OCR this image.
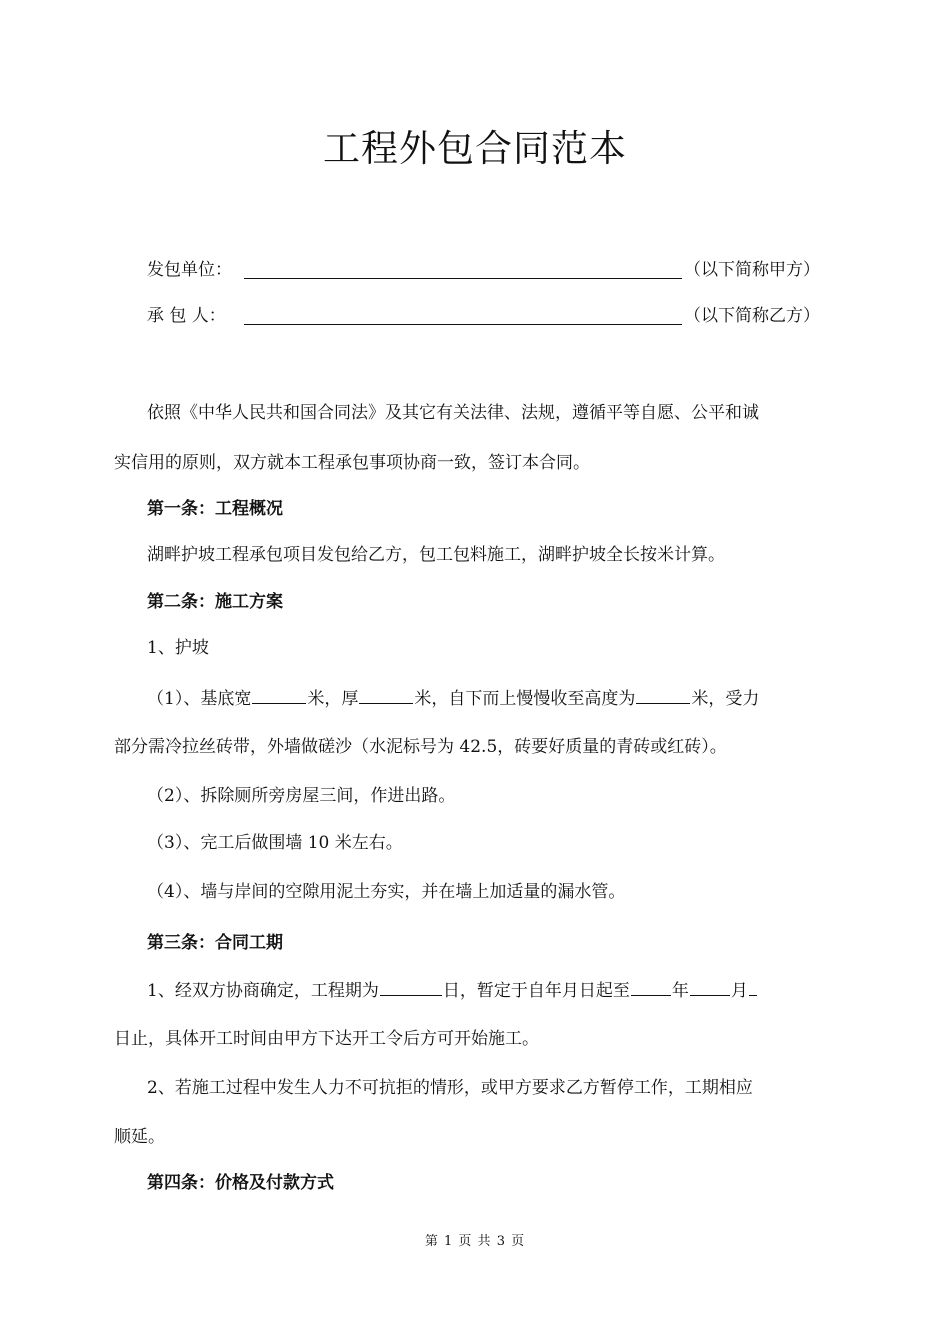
工程外包合同范本
发包单位：	（以下简称甲方）
承 包 人：	（以下简称乙方）
依照《中华人民共和国合同法》及其它有关法律、法规，遵循平等自愿、公平和诚
实信用的原则，双方就本工程承包事项协商一致，签订本合同。
第一条：工程概况
湖畔护坡工程承包项目发包给乙方，包工包料施工，湖畔护坡全长按米计算。
第二条：施工方案
1、护坡
（1）、基底宽	米，厚	米，自下而上慢慢收至高度为	米，受力
部分需冷拉丝砖带，外墙做磋沙（水泥标号为 42.5，砖要好质量的青砖或红砖）。
（2）、拆除厕所旁房屋三间，作进出路。
（3）、完工后做围墙 10 米左右。
（4）、墙与岸间的空隙用泥土夯实，并在墙上加适量的漏水管。
第三条：合同工期
1、经双方协商确定，工程期为	日，暂定于自年月日起至 年 月
日止，具体开工时间由甲方下达开工令后方可开始施工。
2、若施工过程中发生人力不可抗拒的情形，或甲方要求乙方暂停工作，工期相应
顺延。
第四条：价格及付款方式
第 1 页 共 3 页
